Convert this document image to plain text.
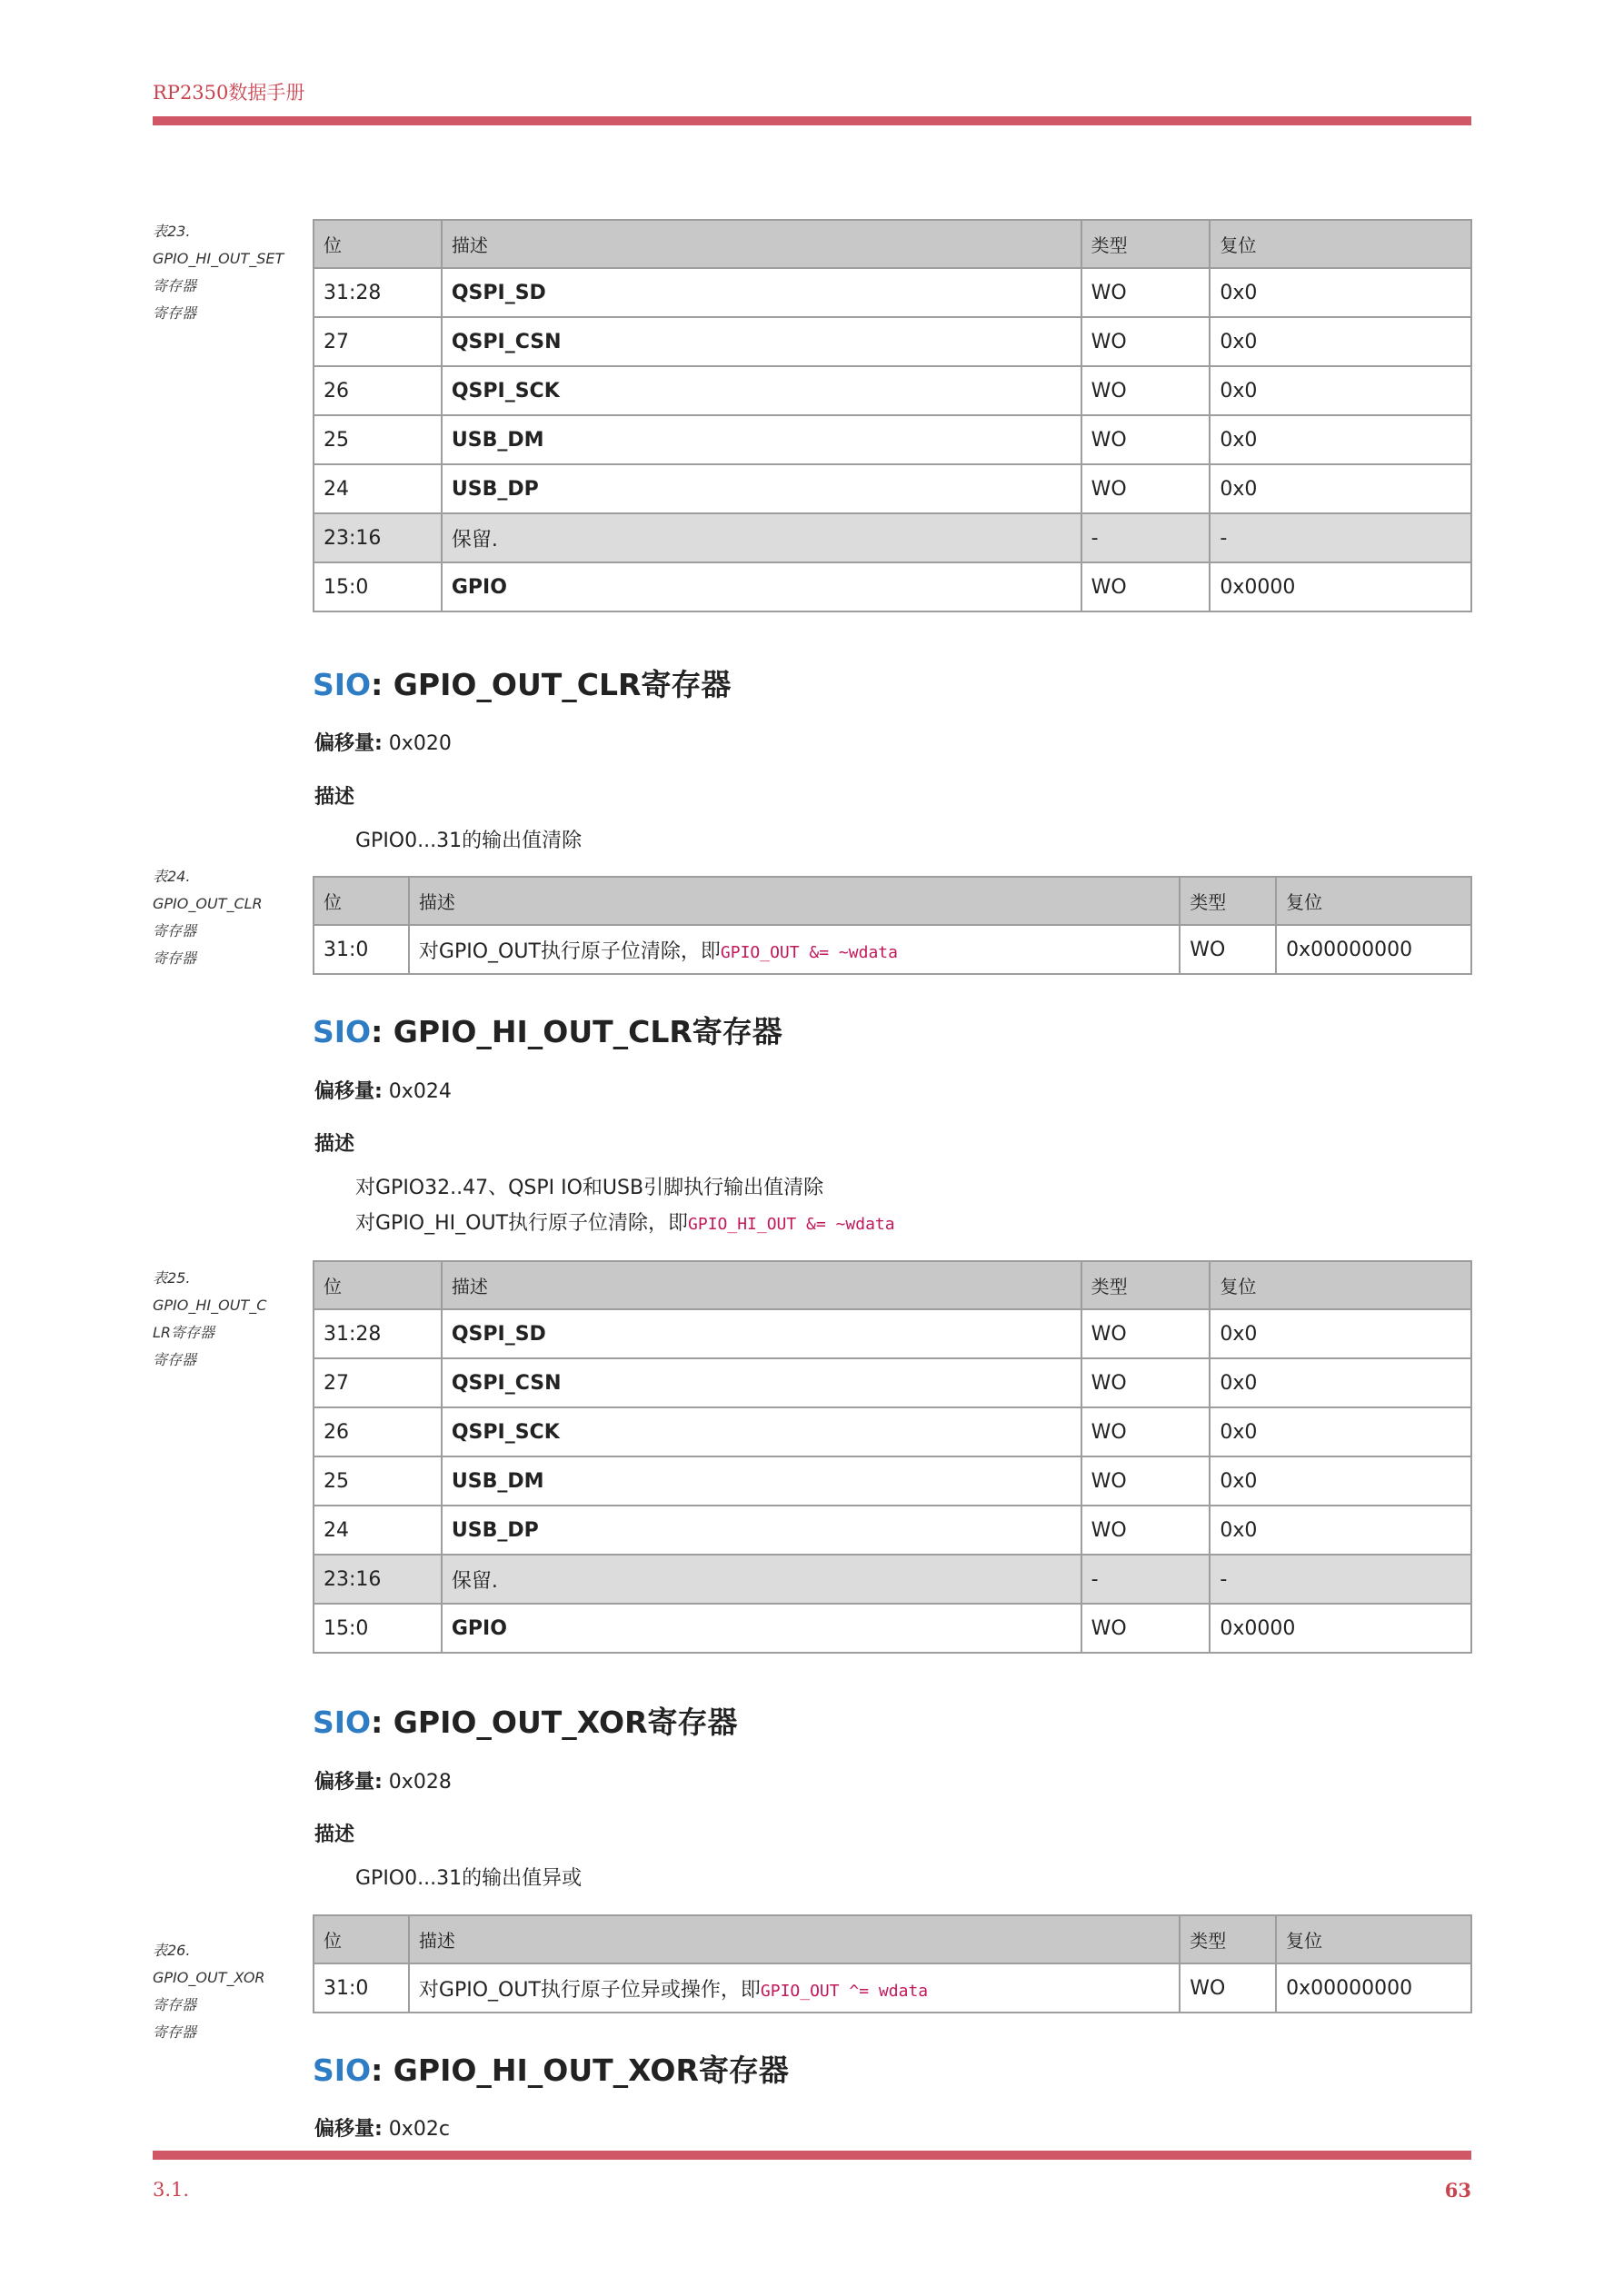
RP2350数据手册
表23.
GPIO_HI_OUT_SET
寄存器
寄存器
位	描述	类型	复位
31:28	QSPI_SD	WO	0x0
27	QSPI_CSN	WO	0x0
26	QSPI_SCK	WO	0x0
25	USB_DM	WO	0x0
24	USB_DP	WO	0x0
23:16	保留.	-	-
15:0	GPIO	WO	0x0000
SIO: GPIO_OUT_CLR寄存器
偏移量: 0x020
描述
GPIO0...31的输出值清除
表24.
GPIO_OUT_CLR
寄存器
寄存器
位	描述	类型	复位
31:0	对GPIO_OUT执行原子位清除，即GPIO_OUT &= ~wdata	WO	0x00000000
SIO: GPIO_HI_OUT_CLR寄存器
偏移量: 0x024
描述
对GPIO32..47、QSPI IO和USB引脚执行输出值清除
对GPIO_HI_OUT执行原子位清除，即GPIO_HI_OUT &= ~wdata
表25.
GPIO_HI_OUT_C
LR寄存器
寄存器
位	描述	类型	复位
31:28	QSPI_SD	WO	0x0
27	QSPI_CSN	WO	0x0
26	QSPI_SCK	WO	0x0
25	USB_DM	WO	0x0
24	USB_DP	WO	0x0
23:16	保留.	-	-
15:0	GPIO	WO	0x0000
SIO: GPIO_OUT_XOR寄存器
偏移量: 0x028
描述
GPIO0...31的输出值异或
表26.
GPIO_OUT_XOR
寄存器
寄存器
位	描述	类型	复位
31:0	对GPIO_OUT执行原子位异或操作，即GPIO_OUT ^= wdata	WO	0x00000000
SIO: GPIO_HI_OUT_XOR寄存器
偏移量: 0x02c
3.1.	63
